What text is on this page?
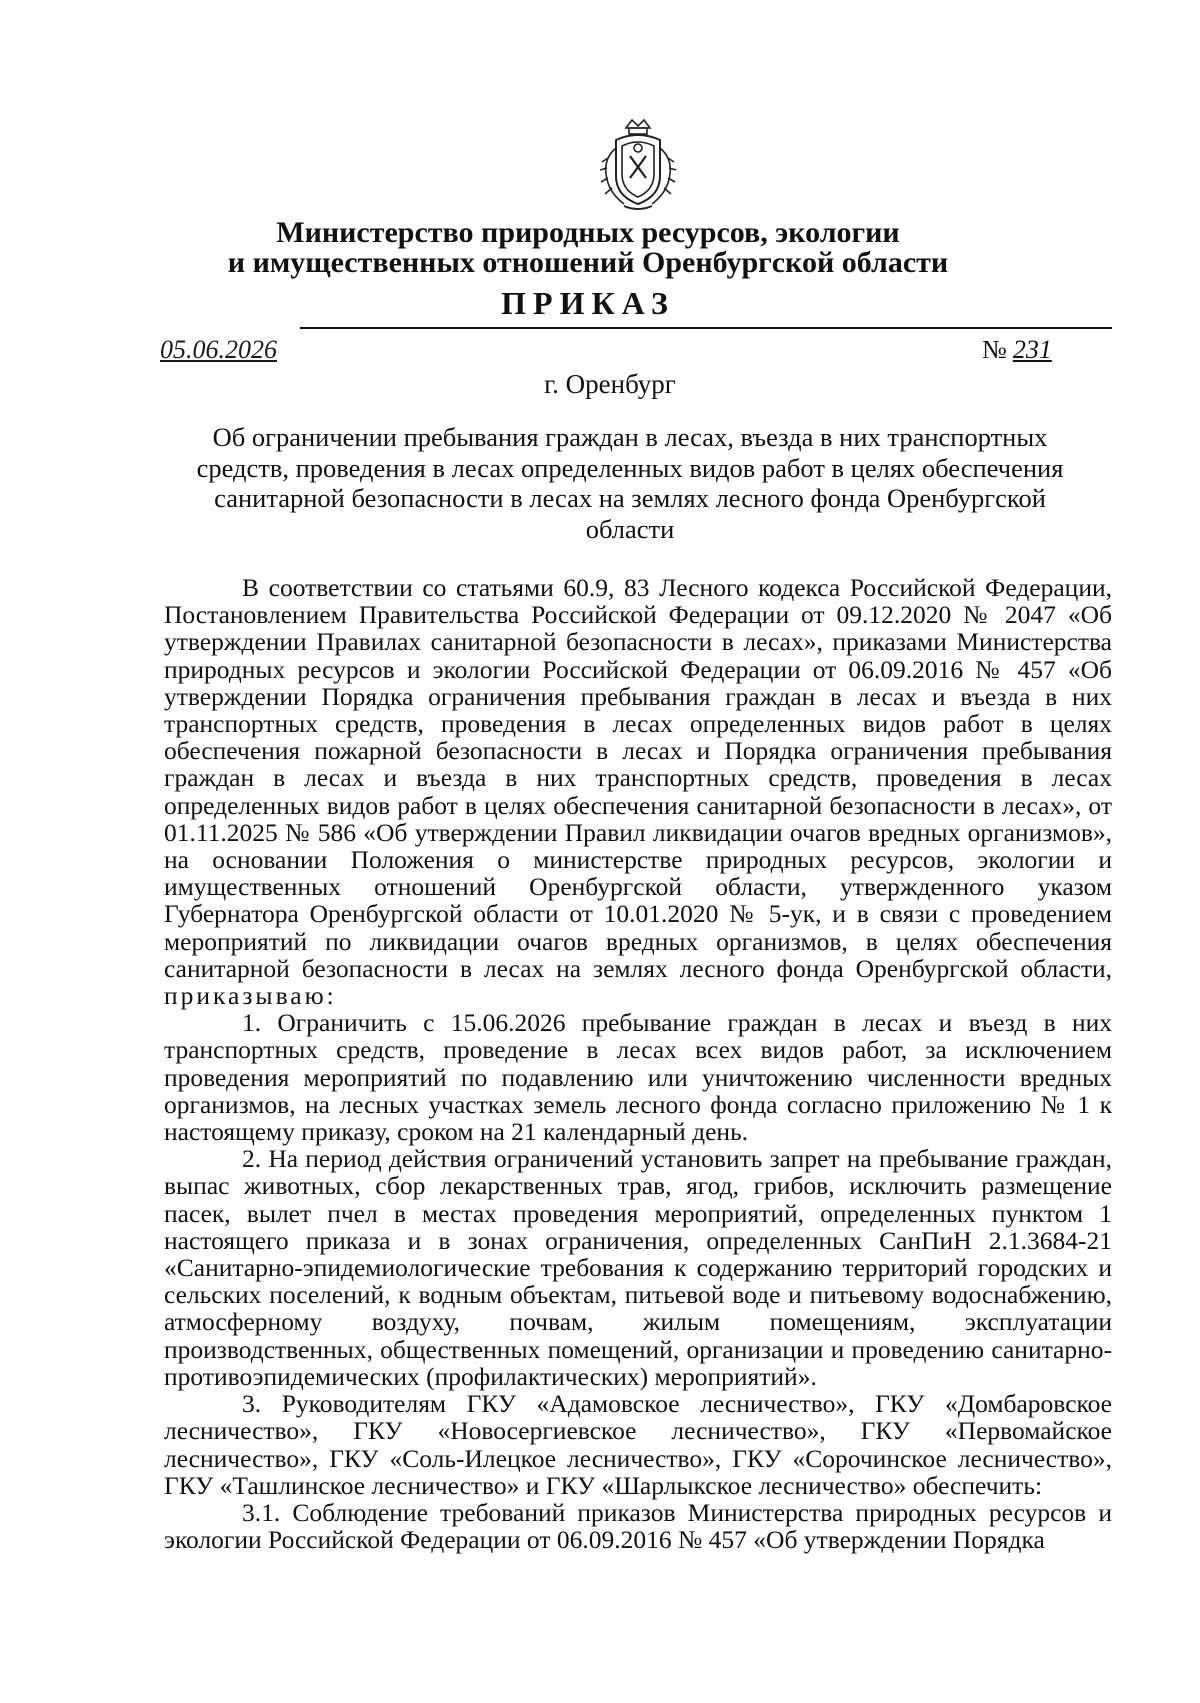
Министерство природных ресурсов, экологии
и имущественных отношений Оренбургской области
ПРИКАЗ
05.06.2026	№ 231
г. Оренбург
Об ограничении пребывания граждан в лесах, въезда в них транспортных средств, проведения в лесах определенных видов работ в целях обеспечения санитарной безопасности в лесах на землях лесного фонда Оренбургской области

В соответствии со статьями 60.9, 83 Лесного кодекса Российской Федерации, Постановлением Правительства Российской Федерации от 09.12.2020 № 2047 «Об утверждении Правилах санитарной безопасности в лесах», приказами Министерства природных ресурсов и экологии Российской Федерации от 06.09.2016 № 457 «Об утверждении Порядка ограничения пребывания граждан в лесах и въезда в них транспортных средств, проведения в лесах определенных видов работ в целях обеспечения пожарной безопасности в лесах и Порядка ограничения пребывания граждан в лесах и въезда в них транспортных средств, проведения в лесах определенных видов работ в целях обеспечения санитарной безопасности в лесах», от 01.11.2025 № 586 «Об утверждении Правил ликвидации очагов вредных организмов», на основании Положения о министерстве природных ресурсов, экологии и имущественных отношений Оренбургской области, утвержденного указом Губернатора Оренбургской области от 10.01.2020 № 5-ук, и в связи с проведением мероприятий по ликвидации очагов вредных организмов, в целях обеспечения санитарной безопасности в лесах на землях лесного фонда Оренбургской области, приказываю:

1. Ограничить с 15.06.2026 пребывание граждан в лесах и въезд в них транспортных средств, проведение в лесах всех видов работ, за исключением проведения мероприятий по подавлению или уничтожению численности вредных организмов, на лесных участках земель лесного фонда согласно приложению № 1 к настоящему приказу, сроком на 21 календарный день.

2. На период действия ограничений установить запрет на пребывание граждан, выпас животных, сбор лекарственных трав, ягод, грибов, исключить размещение пасек, вылет пчел в местах проведения мероприятий, определенных пунктом 1 настоящего приказа и в зонах ограничения, определенных СанПиН 2.1.3684-21 «Санитарно-эпидемиологические требования к содержанию территорий городских и сельских поселений, к водным объектам, питьевой воде и питьевому водоснабжению, атмосферному воздуху, почвам, жилым помещениям, эксплуатации производственных, общественных помещений, организации и проведению санитарно-противоэпидемических (профилактических) мероприятий».

3. Руководителям ГКУ «Адамовское лесничество», ГКУ «Домбаровское лесничество», ГКУ «Новосергиевское лесничество», ГКУ «Первомайское лесничество», ГКУ «Соль-Илецкое лесничество», ГКУ «Сорочинское лесничество», ГКУ «Ташлинское лесничество» и ГКУ «Шарлыкское лесничество» обеспечить:

3.1. Соблюдение требований приказов Министерства природных ресурсов и экологии Российской Федерации от 06.09.2016 № 457 «Об утверждении Порядка
